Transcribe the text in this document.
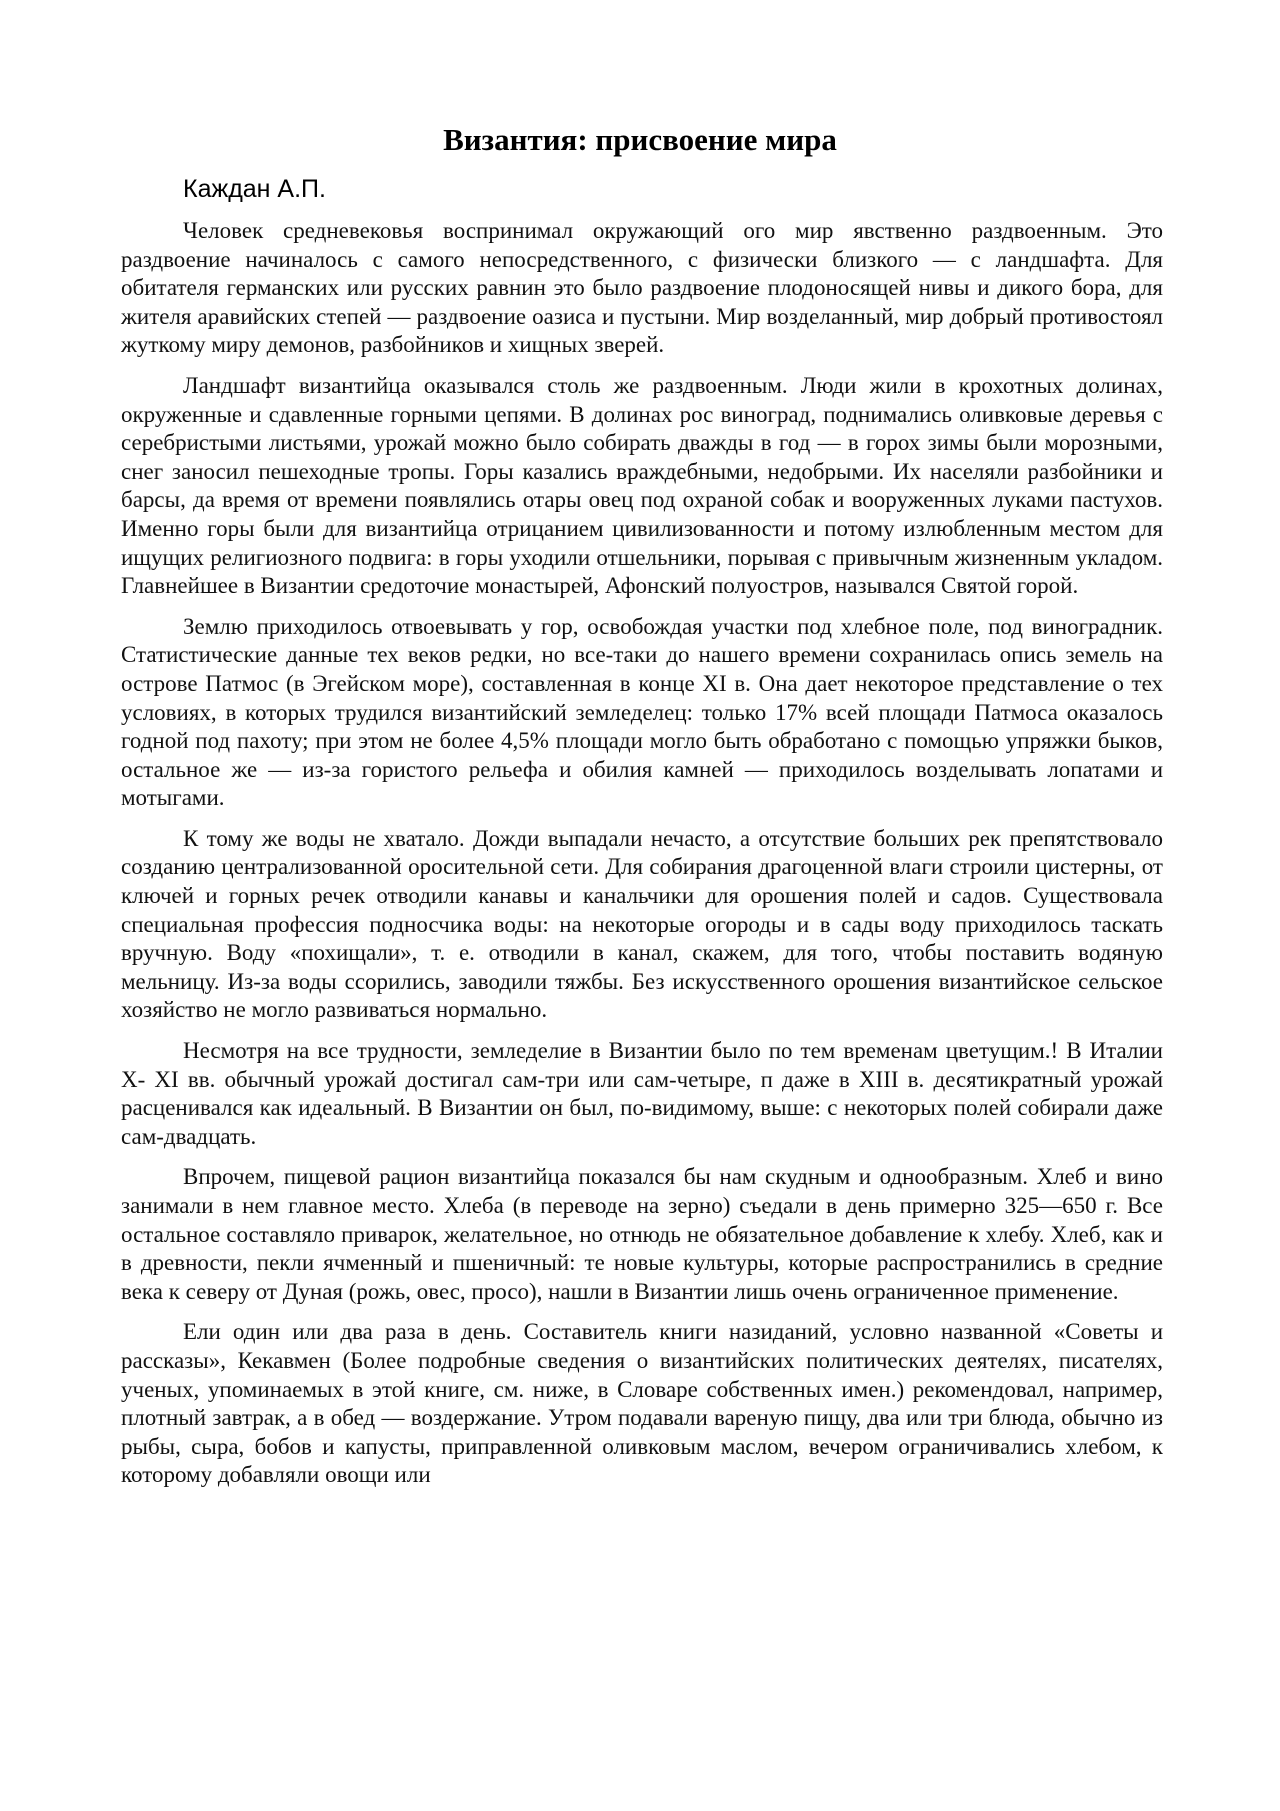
Византия: присвоение мира
Каждан А.П.

Человек средневековья воспринимал окружающий ого мир явственно раздвоенным. Это раздвоение начиналось с самого непосредственного, с физически близкого — с ландшафта. Для обитателя германских или русских равнин это было раздвоение плодоносящей нивы и дикого бора, для жителя аравийских степей — раздвоение оазиса и пустыни. Мир возделанный, мир добрый противостоял жуткому миру демонов, разбойников и хищных зверей.

Ландшафт византийца оказывался столь же раздвоенным. Люди жили в крохотных долинах, окруженные и сдавленные горными цепями. В долинах рос виноград, поднимались оливковые деревья с серебристыми листьями, урожай можно было собирать дважды в год — в горох зимы были морозными, снег заносил пешеходные тропы. Горы казались враждебными, недобрыми. Их населяли разбойники и барсы, да время от времени появлялись отары овец под охраной собак и вооруженных луками пастухов. Именно горы были для византийца отрицанием цивилизованности и потому излюбленным местом для ищущих религиозного подвига: в горы уходили отшельники, порывая с привычным жизненным укладом. Главнейшее в Византии средоточие монастырей, Афонский полуостров, назывался Святой горой.

Землю приходилось отвоевывать у гор, освобождая участки под хлебное поле, под виноградник. Статистические данные тех веков редки, но все-таки до нашего времени сохранилась опись земель на острове Патмос (в Эгейском море), составленная в конце XI в. Она дает некоторое представление о тех условиях, в которых трудился византийский земледелец: только 17% всей площади Патмоса оказалось годной под пахоту; при этом не более 4,5% площади могло быть обработано с помощью упряжки быков, остальное же — из-за гористого рельефа и обилия камней — приходилось возделывать лопатами и мотыгами.

К тому же воды не хватало. Дожди выпадали нечасто, а отсутствие больших рек препятствовало созданию централизованной оросительной сети. Для собирания драгоценной влаги строили цистерны, от ключей и горных речек отводили канавы и канальчики для орошения полей и садов. Существовала специальная профессия подносчика воды: на некоторые огороды и в сады воду приходилось таскать вручную. Воду «похищали», т. е. отводили в канал, скажем, для того, чтобы поставить водяную мельницу. Из-за воды ссорились, заводили тяжбы. Без искусственного орошения византийское сельское хозяйство не могло развиваться нормально.

Несмотря на все трудности, земледелие в Византии было по тем временам цветущим.! В Италии X- XI вв. обычный урожай достигал сам-три или сам-четыре, п даже в XIII в. десятикратный урожай расценивался как идеальный. В Византии он был, по-видимому, выше: с некоторых полей собирали даже сам-двадцать.

Впрочем, пищевой рацион византийца показался бы нам скудным и однообразным. Хлеб и вино занимали в нем главное место. Хлеба (в переводе на зерно) съедали в день примерно 325—650 г. Все остальное составляло приварок, желательное, но отнюдь не обязательное добавление к хлебу. Хлеб, как и в древности, пекли ячменный и пшеничный: те новые культуры, которые распространились в средние века к северу от Дуная (рожь, овес, просо), нашли в Византии лишь очень ограниченное применение.

Ели один или два раза в день. Составитель книги назиданий, условно названной «Советы и рассказы», Кекавмен (Более подробные сведения о византийских политических деятелях, писателях, ученых, упоминаемых в этой книге, см. ниже, в Словаре собственных имен.) рекомендовал, например, плотный завтрак, а в обед — воздержание. Утром подавали вареную пищу, два или три блюда, обычно из рыбы, сыра, бобов и капусты, приправленной оливковым маслом, вечером ограничивались хлебом, к которому добавляли овощи или
